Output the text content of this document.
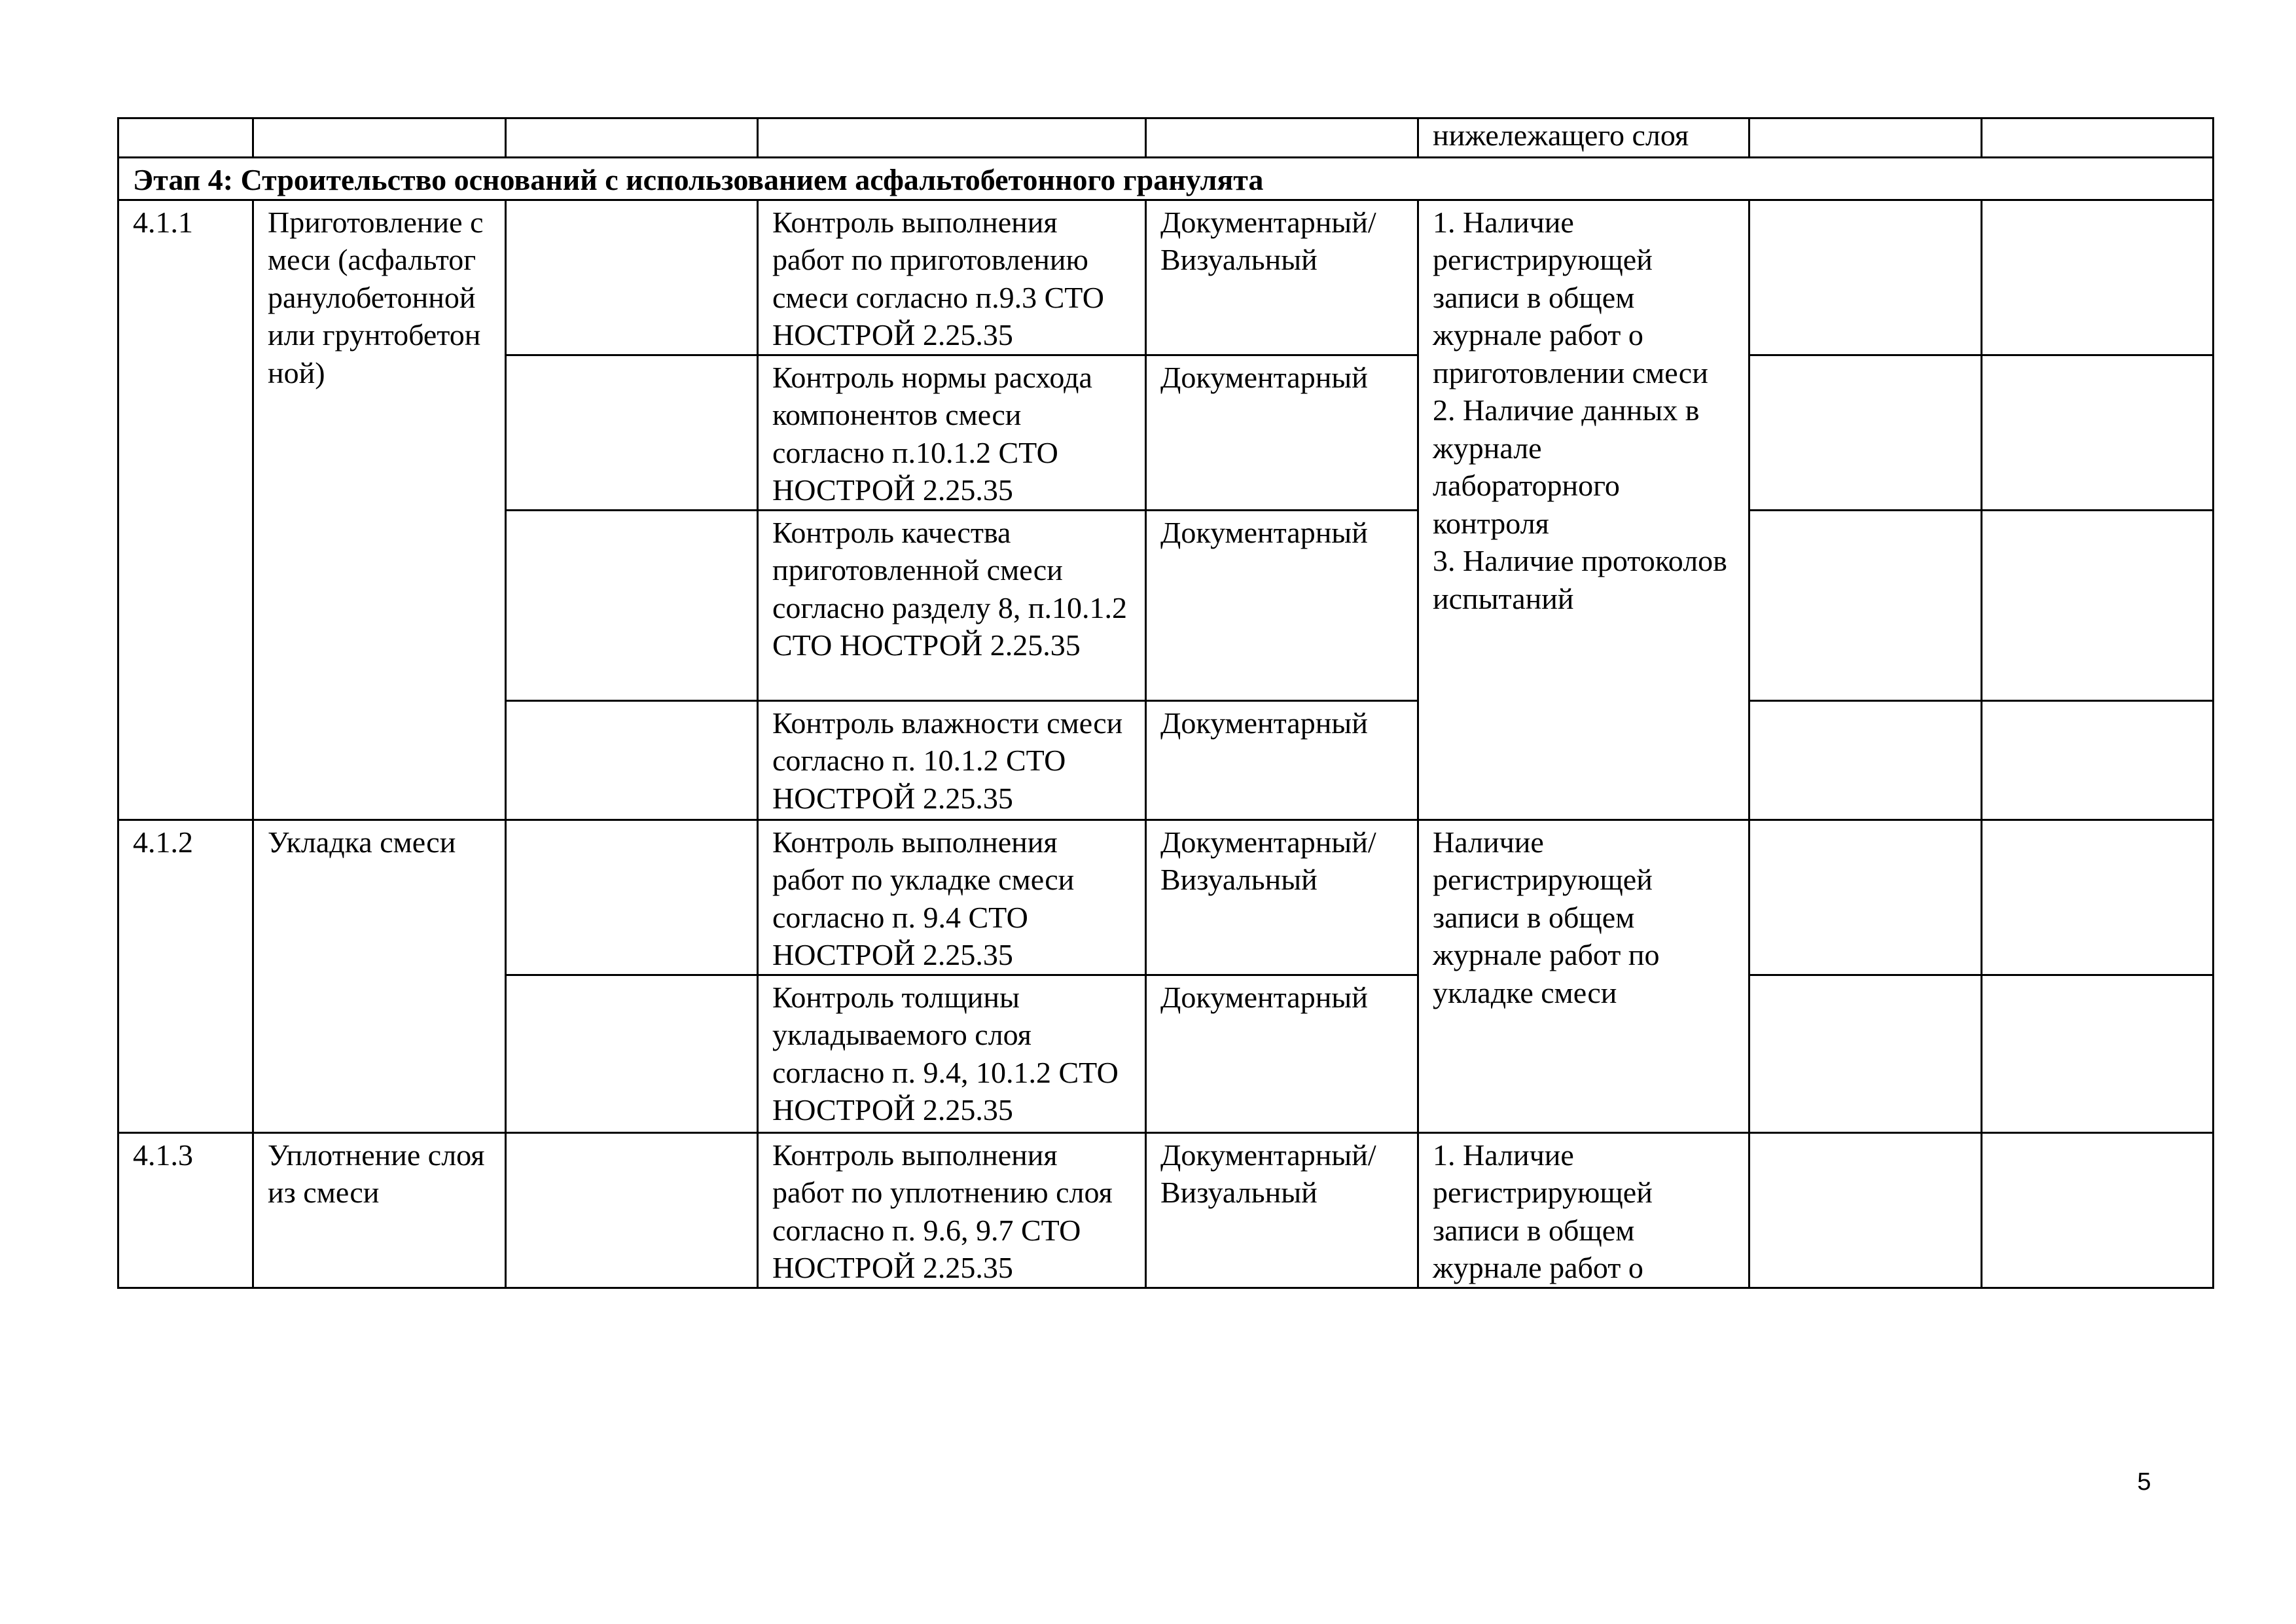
					нижележащего слоя		
Этап 4: Строительство оснований с использованием асфальтобетонного гранулята							
4.1.1	Приготовление смеси (асфальтогранулобетонной или грунтобетонной)		Контроль выполнения работ по приготовлению смеси согласно п.9.3 СТО НОСТРОЙ 2.25.35	Документарный/ Визуальный	1. Наличие регистрирующей записи в общем журнале работ о приготовлении смеси
2. Наличие данных в журнале лабораторного контроля
3. Наличие протоколов испытаний		
			Контроль нормы расхода компонентов смеси согласно п.10.1.2 СТО НОСТРОЙ 2.25.35	Документарный			
			Контроль качества приготовленной смеси согласно разделу 8, п.10.1.2 СТО НОСТРОЙ 2.25.35	Документарный			
			Контроль влажности смеси согласно п. 10.1.2 СТО НОСТРОЙ 2.25.35	Документарный			
4.1.2	Укладка смеси		Контроль выполнения работ по укладке смеси согласно п. 9.4 СТО НОСТРОЙ 2.25.35	Документарный/ Визуальный	Наличие регистрирующей записи в общем журнале работ по укладке смеси		
			Контроль толщины укладываемого слоя согласно п. 9.4, 10.1.2 СТО НОСТРОЙ 2.25.35	Документарный			
4.1.3	Уплотнение слоя из смеси		Контроль выполнения работ по уплотнению слоя согласно п. 9.6, 9.7 СТО НОСТРОЙ 2.25.35	Документарный/ Визуальный	1. Наличие регистрирующей записи в общем журнале работ о		
5
